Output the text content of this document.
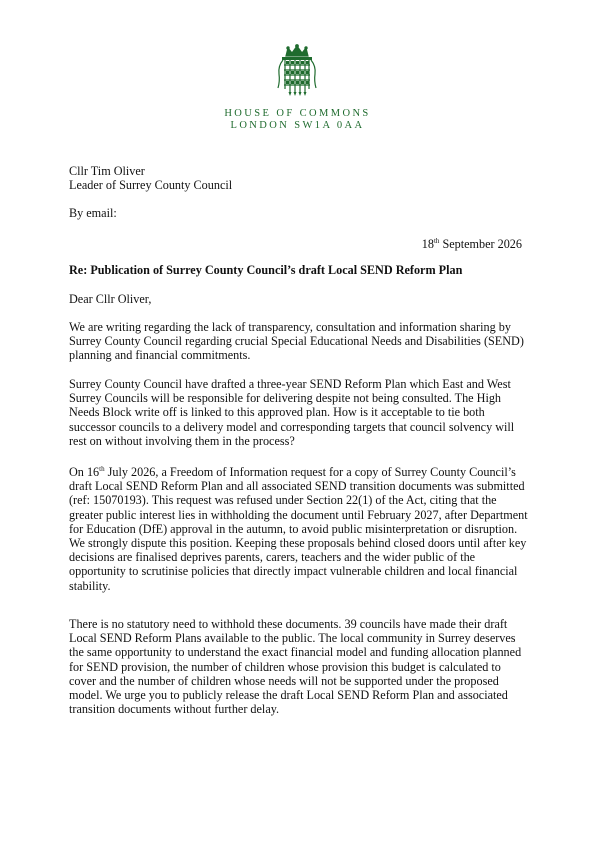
HOUSE OF COMMONS
LONDON SW1A 0AA
Cllr Tim Oliver
Leader of Surrey County Council
By email:
18th September 2026
Re: Publication of Surrey County Council’s draft Local SEND Reform Plan
Dear Cllr Oliver,
We are writing regarding the lack of transparency, consultation and information sharing by
Surrey County Council regarding crucial Special Educational Needs and Disabilities (SEND)
planning and financial commitments.
Surrey County Council have drafted a three-year SEND Reform Plan which East and West
Surrey Councils will be responsible for delivering despite not being consulted. The High
Needs Block write off is linked to this approved plan. How is it acceptable to tie both
successor councils to a delivery model and corresponding targets that council solvency will
rest on without involving them in the process?
On 16th July 2026, a Freedom of Information request for a copy of Surrey County Council’s
draft Local SEND Reform Plan and all associated SEND transition documents was submitted
(ref: 15070193). This request was refused under Section 22(1) of the Act, citing that the
greater public interest lies in withholding the document until February 2027, after Department
for Education (DfE) approval in the autumn, to avoid public misinterpretation or disruption.
We strongly dispute this position. Keeping these proposals behind closed doors until after key
decisions are finalised deprives parents, carers, teachers and the wider public of the
opportunity to scrutinise policies that directly impact vulnerable children and local financial
stability.
There is no statutory need to withhold these documents. 39 councils have made their draft
Local SEND Reform Plans available to the public. The local community in Surrey deserves
the same opportunity to understand the exact financial model and funding allocation planned
for SEND provision, the number of children whose provision this budget is calculated to
cover and the number of children whose needs will not be supported under the proposed
model. We urge you to publicly release the draft Local SEND Reform Plan and associated
transition documents without further delay.
